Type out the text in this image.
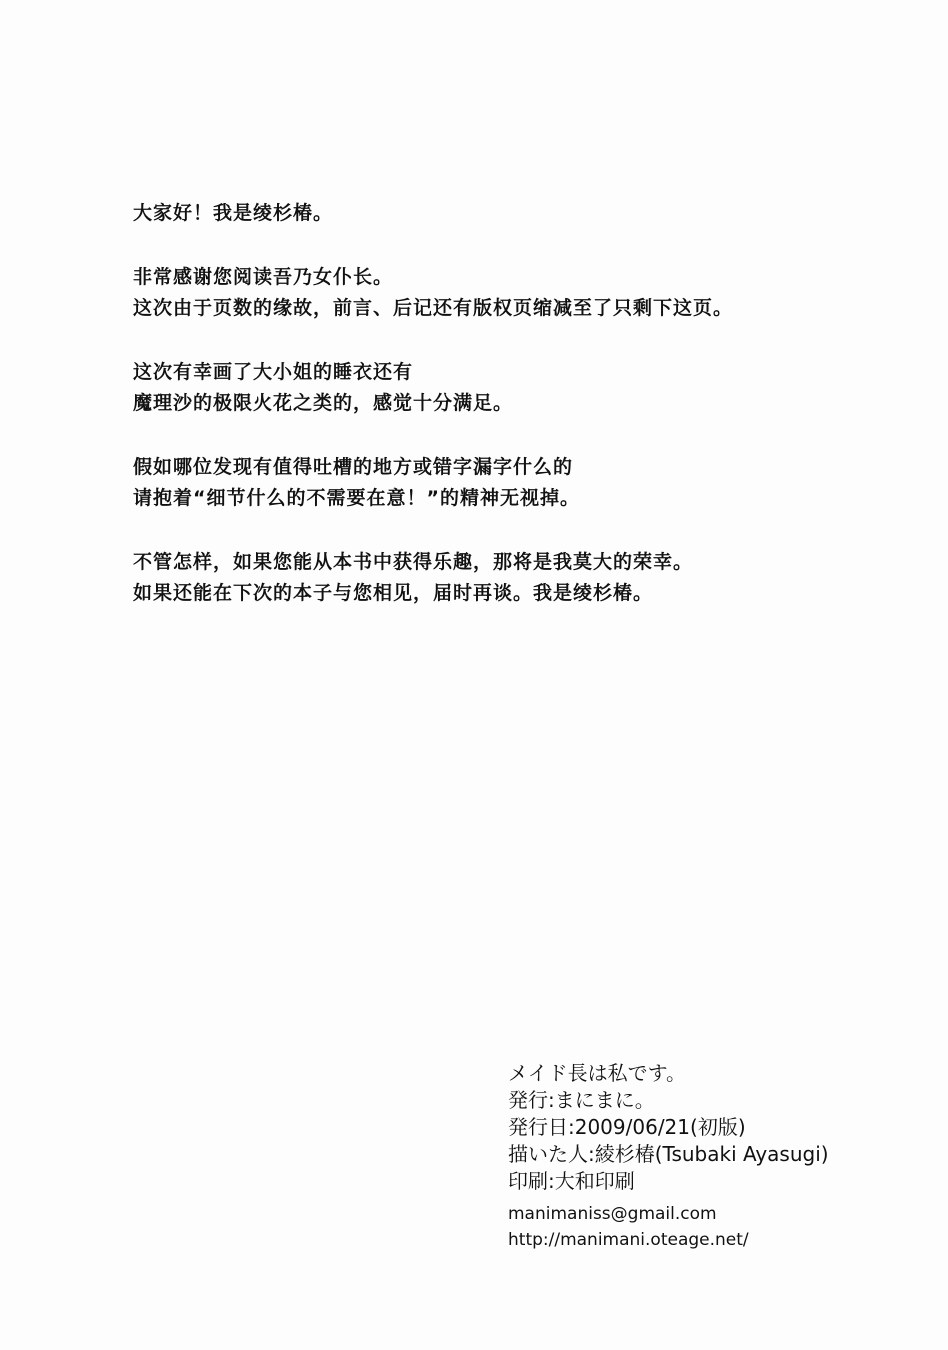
大家好！我是绫杉椿。

非常感谢您阅读吾乃女仆长。
这次由于页数的缘故，前言、后记还有版权页缩减至了只剩下这页。

这次有幸画了大小姐的睡衣还有
魔理沙的极限火花之类的，感觉十分满足。

假如哪位发现有值得吐槽的地方或错字漏字什么的
请抱着“细节什么的不需要在意！”的精神无视掉。

不管怎样，如果您能从本书中获得乐趣，那将是我莫大的荣幸。
如果还能在下次的本子与您相见，届时再谈。我是绫杉椿。

メイド長は私です。
発行:まにまに。
発行日:2009/06/21(初版)
描いた人:綾杉椿(Tsubaki Ayasugi)
印刷:大和印刷
manimaniss@gmail.com
http://manimani.oteage.net/
